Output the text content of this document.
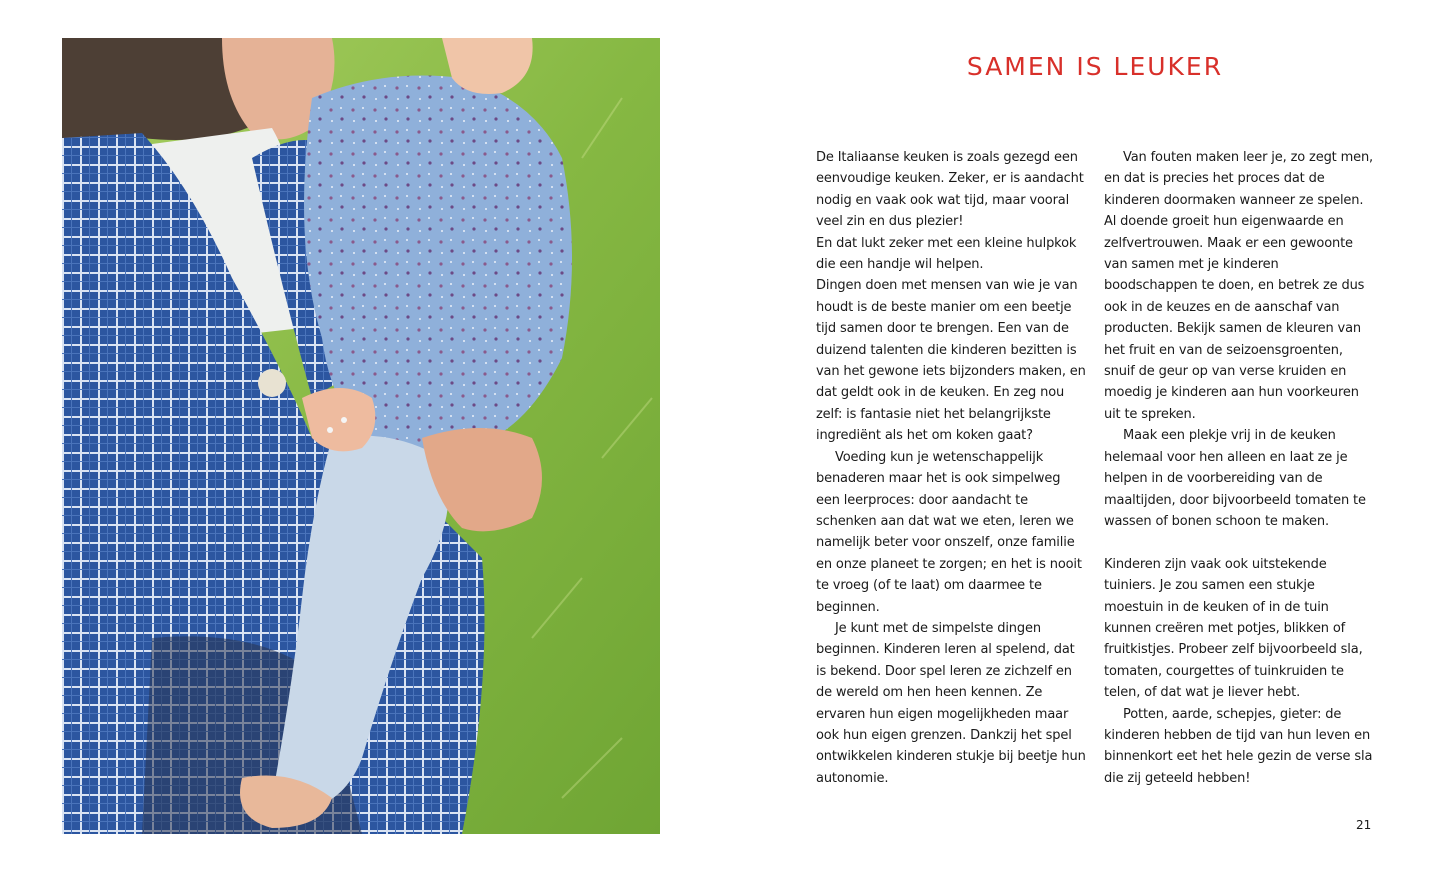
SAMEN IS LEUKER

De Italiaanse keuken is zoals gezegd een eenvoudige keuken. Zeker, er is aandacht nodig en vaak ook wat tijd, maar vooral veel zin en dus plezier!

En dat lukt zeker met een kleine hulpkok die een handje wil helpen.

Dingen doen met mensen van wie je van houdt is de beste manier om een beetje tijd samen door te brengen. Een van de duizend talenten die kinderen bezitten is van het gewone iets bijzonders maken, en dat geldt ook in de keuken. En zeg nou zelf: is fantasie niet het belangrijkste ingrediënt als het om koken gaat?

Voeding kun je wetenschappelijk benaderen maar het is ook simpelweg een leerproces: door aandacht te schenken aan dat wat we eten, leren we namelijk beter voor onszelf, onze familie en onze planeet te zorgen; en het is nooit te vroeg (of te laat) om daarmee te beginnen.

Je kunt met de simpelste dingen beginnen. Kinderen leren al spelend, dat is bekend. Door spel leren ze zichzelf en de wereld om hen heen kennen. Ze ervaren hun eigen mogelijkheden maar ook hun eigen grenzen. Dankzij het spel ontwikkelen kinderen stukje bij beetje hun autonomie.

Van fouten maken leer je, zo zegt men, en dat is precies het proces dat de kinderen doormaken wanneer ze spelen. Al doende groeit hun eigenwaarde en zelfvertrouwen. Maak er een gewoonte van samen met je kinderen boodschappen te doen, en betrek ze dus ook in de keuzes en de aanschaf van producten. Bekijk samen de kleuren van het fruit en van de seizoensgroenten, snuif de geur op van verse kruiden en moedig je kinderen aan hun voorkeuren uit te spreken.

Maak een plekje vrij in de keuken helemaal voor hen alleen en laat ze je helpen in de voorbereiding van de maaltijden, door bijvoorbeeld tomaten te wassen of bonen schoon te maken.

Kinderen zijn vaak ook uitstekende tuiniers. Je zou samen een stukje moestuin in de keuken of in de tuin kunnen creëren met potjes, blikken of fruitkistjes. Probeer zelf bijvoorbeeld sla, tomaten, courgettes of tuinkruiden te telen, of dat wat je liever hebt.

Potten, aarde, schepjes, gieter: de kinderen hebben de tijd van hun leven en binnenkort eet het hele gezin de verse sla die zij geteeld hebben!

21
